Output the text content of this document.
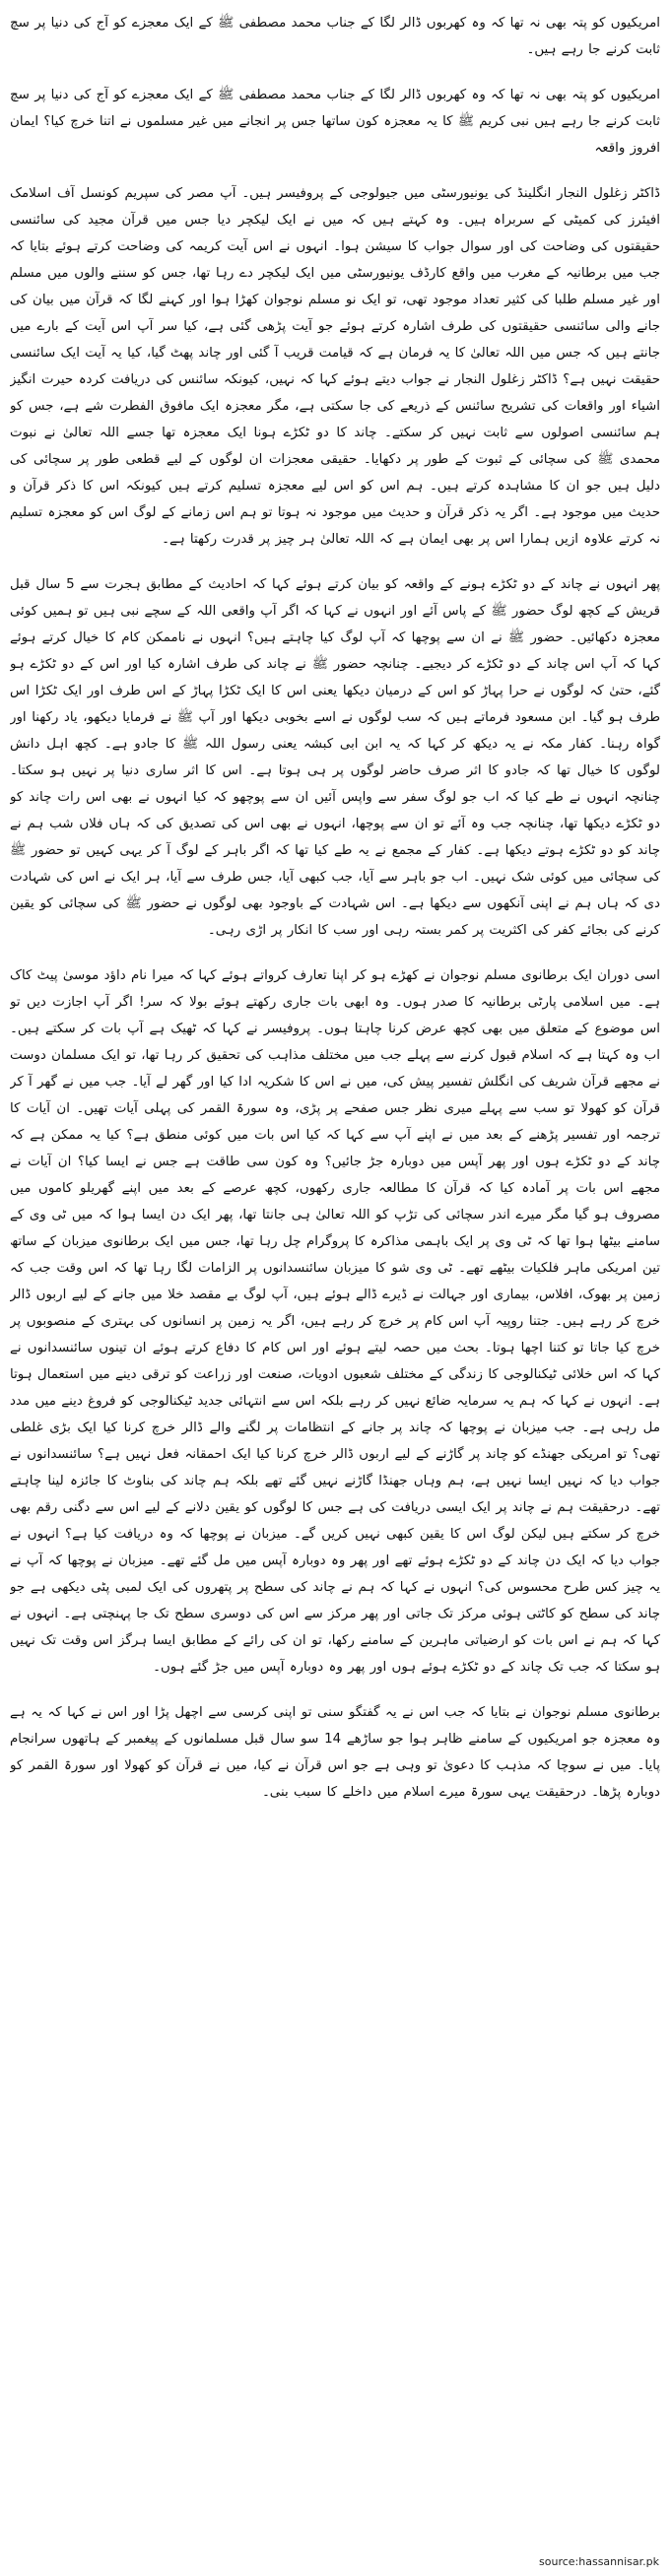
امریکیوں کو پتہ بھی نہ تھا کہ وہ کھربوں ڈالر لگا کے جناب محمد مصطفی ﷺ کے ایک معجزے کو آج کی دنیا پر سچ ثابت کرنے جا رہے ہیں۔

امریکیوں کو پتہ بھی نہ تھا کہ وہ کھربوں ڈالر لگا کے جناب محمد مصطفی ﷺ کے ایک معجزے کو آج کی دنیا پر سچ ثابت کرنے جا رہے ہیں نبی کریم ﷺ کا یہ معجزہ کون ساتھا جس پر انجانے میں غیر مسلموں نے اتنا خرچ کیا؟ ایمان افروز واقعہ

ڈاکٹر زغلول النجار انگلینڈ کی یونیورسٹی میں جیولوجی کے پروفیسر ہیں۔ آپ مصر کی سپریم کونسل آف اسلامک افیئرز کی کمیٹی کے سربراہ ہیں۔ وہ کہتے ہیں کہ میں نے ایک لیکچر دیا جس میں قرآن مجید کی سائنسی حقیقتوں کی وضاحت کی اور سوال جواب کا سیشن ہوا۔ انہوں نے اس آیت کریمہ کی وضاحت کرتے ہوئے بتایا کہ جب میں برطانیہ کے مغرب میں واقع کارڈف یونیورسٹی میں ایک لیکچر دے رہا تھا، جس کو سننے والوں میں مسلم اور غیر مسلم طلبا کی کثیر تعداد موجود تھی، تو ایک نو مسلم نوجوان کھڑا ہوا اور کہنے لگا کہ قرآن میں بیان کی جانے والی سائنسی حقیقتوں کی طرف اشارہ کرتے ہوئے جو آیت پڑھی گئی ہے، کیا سر آپ اس آیت کے بارے میں جانتے ہیں کہ جس میں اللہ تعالیٰ کا یہ فرمان ہے کہ قیامت قریب آ گئی اور چاند پھٹ گیا، کیا یہ آیت ایک سائنسی حقیقت نہیں ہے؟ ڈاکٹر زغلول النجار نے جواب دیتے ہوئے کہا کہ نہیں، کیونکہ سائنس کی دریافت کردہ حیرت انگیز اشیاء اور واقعات کی تشریح سائنس کے ذریعے کی جا سکتی ہے، مگر معجزہ ایک مافوق الفطرت شے ہے، جس کو ہم سائنسی اصولوں سے ثابت نہیں کر سکتے۔ چاند کا دو ٹکڑے ہونا ایک معجزہ تھا جسے اللہ تعالیٰ نے نبوت محمدی ﷺ کی سچائی کے ثبوت کے طور پر دکھایا۔ حقیقی معجزات ان لوگوں کے لیے قطعی طور پر سچائی کی دلیل ہیں جو ان کا مشاہدہ کرتے ہیں۔ ہم اس کو اس لیے معجزہ تسلیم کرتے ہیں کیونکہ اس کا ذکر قرآن و حدیث میں موجود ہے۔ اگر یہ ذکر قرآن و حدیث میں موجود نہ ہوتا تو ہم اس زمانے کے لوگ اس کو معجزہ تسلیم نہ کرتے علاوہ ازیں ہمارا اس پر بھی ایمان ہے کہ اللہ تعالیٰ ہر چیز پر قدرت رکھتا ہے۔

پھر انہوں نے چاند کے دو ٹکڑے ہونے کے واقعہ کو بیان کرتے ہوئے کہا کہ احادیث کے مطابق ہجرت سے 5 سال قبل قریش کے کچھ لوگ حضور ﷺ کے پاس آئے اور انہوں نے کہا کہ اگر آپ واقعی اللہ کے سچے نبی ہیں تو ہمیں کوئی معجزہ دکھائیں۔ حضور ﷺ نے ان سے پوچھا کہ آپ لوگ کیا چاہتے ہیں؟ انہوں نے ناممکن کام کا خیال کرتے ہوئے کہا کہ آپ اس چاند کے دو ٹکڑے کر دیجیے۔ چنانچہ حضور ﷺ نے چاند کی طرف اشارہ کیا اور اس کے دو ٹکڑے ہو گئے، حتیٰ کہ لوگوں نے حرا پہاڑ کو اس کے درمیان دیکھا یعنی اس کا ایک ٹکڑا پہاڑ کے اس طرف اور ایک ٹکڑا اس طرف ہو گیا۔ ابن مسعود فرماتے ہیں کہ سب لوگوں نے اسے بخوبی دیکھا اور آپ ﷺ نے فرمایا دیکھو، یاد رکھنا اور گواہ رہنا۔ کفار مکہ نے یہ دیکھ کر کہا کہ یہ ابن ابی کبشہ یعنی رسول اللہ ﷺ کا جادو ہے۔ کچھ اہل دانش لوگوں کا خیال تھا کہ جادو کا اثر صرف حاضر لوگوں پر ہی ہوتا ہے۔ اس کا اثر ساری دنیا پر نہیں ہو سکتا۔ چنانچہ انہوں نے طے کیا کہ اب جو لوگ سفر سے واپس آئیں ان سے پوچھو کہ کیا انہوں نے بھی اس رات چاند کو دو ٹکڑے دیکھا تھا، چنانچہ جب وہ آئے تو ان سے پوچھا، انہوں نے بھی اس کی تصدیق کی کہ ہاں فلاں شب ہم نے چاند کو دو ٹکڑے ہوتے دیکھا ہے۔ کفار کے مجمع نے یہ طے کیا تھا کہ اگر باہر کے لوگ آ کر یہی کہیں تو حضور ﷺ کی سچائی میں کوئی شک نہیں۔ اب جو باہر سے آیا، جب کبھی آیا، جس طرف سے آیا، ہر ایک نے اس کی شہادت دی کہ ہاں ہم نے اپنی آنکھوں سے دیکھا ہے۔ اس شہادت کے باوجود بھی لوگوں نے حضور ﷺ کی سچائی کو یقین کرنے کی بجائے کفر کی اکثریت پر کمر بستہ رہی اور سب کا انکار پر اڑی رہی۔

اسی دوران ایک برطانوی مسلم نوجوان نے کھڑے ہو کر اپنا تعارف کرواتے ہوئے کہا کہ میرا نام داؤد موسیٰ پیٹ کاک ہے۔ میں اسلامی پارٹی برطانیہ کا صدر ہوں۔ وہ ابھی بات جاری رکھتے ہوئے بولا کہ سر! اگر آپ اجازت دیں تو اس موضوع کے متعلق میں بھی کچھ عرض کرنا چاہتا ہوں۔ پروفیسر نے کہا کہ ٹھیک ہے آپ بات کر سکتے ہیں۔ اب وہ کہتا ہے کہ اسلام قبول کرنے سے پہلے جب میں مختلف مذاہب کی تحقیق کر رہا تھا، تو ایک مسلمان دوست نے مجھے قرآن شریف کی انگلش تفسیر پیش کی، میں نے اس کا شکریہ ادا کیا اور گھر لے آیا۔ جب میں نے گھر آ کر قرآن کو کھولا تو سب سے پہلے میری نظر جس صفحے پر پڑی، وہ سورۃ القمر کی پہلی آیات تھیں۔ ان آیات کا ترجمہ اور تفسیر پڑھنے کے بعد میں نے اپنے آپ سے کہا کہ کیا اس بات میں کوئی منطق ہے؟ کیا یہ ممکن ہے کہ چاند کے دو ٹکڑے ہوں اور پھر آپس میں دوبارہ جڑ جائیں؟ وہ کون سی طاقت ہے جس نے ایسا کیا؟ ان آیات نے مجھے اس بات پر آمادہ کیا کہ قرآن کا مطالعہ جاری رکھوں، کچھ عرصے کے بعد میں اپنے گھریلو کاموں میں مصروف ہو گیا مگر میرے اندر سچائی کی تڑپ کو اللہ تعالیٰ ہی جانتا تھا، پھر ایک دن ایسا ہوا کہ میں ٹی وی کے سامنے بیٹھا ہوا تھا کہ ٹی وی پر ایک باہمی مذاکرہ کا پروگرام چل رہا تھا، جس میں ایک برطانوی میزبان کے ساتھ تین امریکی ماہر فلکیات بیٹھے تھے۔ ٹی وی شو کا میزبان سائنسدانوں پر الزامات لگا رہا تھا کہ اس وقت جب کہ زمین پر بھوک، افلاس، بیماری اور جہالت نے ڈیرے ڈالے ہوئے ہیں، آپ لوگ بے مقصد خلا میں جانے کے لیے اربوں ڈالر خرچ کر رہے ہیں۔ جتنا روپیہ آپ اس کام پر خرچ کر رہے ہیں، اگر یہ زمین پر انسانوں کی بہتری کے منصوبوں پر خرچ کیا جاتا تو کتنا اچھا ہوتا۔ بحث میں حصہ لیتے ہوئے اور اس کام کا دفاع کرتے ہوئے ان تینوں سائنسدانوں نے کہا کہ اس خلائی ٹیکنالوجی کا زندگی کے مختلف شعبوں ادویات، صنعت اور زراعت کو ترقی دینے میں استعمال ہوتا ہے۔ انہوں نے کہا کہ ہم یہ سرمایہ ضائع نہیں کر رہے بلکہ اس سے انتہائی جدید ٹیکنالوجی کو فروغ دینے میں مدد مل رہی ہے۔ جب میزبان نے پوچھا کہ چاند پر جانے کے انتظامات پر لگنے والے ڈالر خرچ کرنا کیا ایک بڑی غلطی تھی؟ تو امریکی جھنڈے کو چاند پر گاڑنے کے لیے اربوں ڈالر خرچ کرنا کیا ایک احمقانہ فعل نہیں ہے؟ سائنسدانوں نے جواب دیا کہ نہیں ایسا نہیں ہے، ہم وہاں جھنڈا گاڑنے نہیں گئے تھے بلکہ ہم چاند کی بناوٹ کا جائزہ لینا چاہتے تھے۔ درحقیقت ہم نے چاند پر ایک ایسی دریافت کی ہے جس کا لوگوں کو یقین دلانے کے لیے اس سے دگنی رقم بھی خرچ کر سکتے ہیں لیکن لوگ اس کا یقین کبھی نہیں کریں گے۔ میزبان نے پوچھا کہ وہ دریافت کیا ہے؟ انہوں نے جواب دیا کہ ایک دن چاند کے دو ٹکڑے ہوئے تھے اور پھر وہ دوبارہ آپس میں مل گئے تھے۔ میزبان نے پوچھا کہ آپ نے یہ چیز کس طرح محسوس کی؟ انہوں نے کہا کہ ہم نے چاند کی سطح پر پتھروں کی ایک لمبی پٹی دیکھی ہے جو چاند کی سطح کو کاٹتی ہوئی مرکز تک جاتی اور پھر مرکز سے اس کی دوسری سطح تک جا پہنچتی ہے۔ انہوں نے کہا کہ ہم نے اس بات کو ارضیاتی ماہرین کے سامنے رکھا، تو ان کی رائے کے مطابق ایسا ہرگز اس وقت تک نہیں ہو سکتا کہ جب تک چاند کے دو ٹکڑے ہوئے ہوں اور پھر وہ دوبارہ آپس میں جڑ گئے ہوں۔

برطانوی مسلم نوجوان نے بتایا کہ جب اس نے یہ گفتگو سنی تو اپنی کرسی سے اچھل پڑا اور اس نے کہا کہ یہ ہے وہ معجزہ جو امریکیوں کے سامنے ظاہر ہوا جو ساڑھے 14 سو سال قبل مسلمانوں کے پیغمبر کے ہاتھوں سرانجام پایا۔ میں نے سوچا کہ مذہب کا دعویٰ تو وہی ہے جو اس قرآن نے کیا، میں نے قرآن کو کھولا اور سورۃ القمر کو دوبارہ پڑھا۔ درحقیقت یہی سورۃ میرے اسلام میں داخلے کا سبب بنی۔

source:hassannisar.pk
